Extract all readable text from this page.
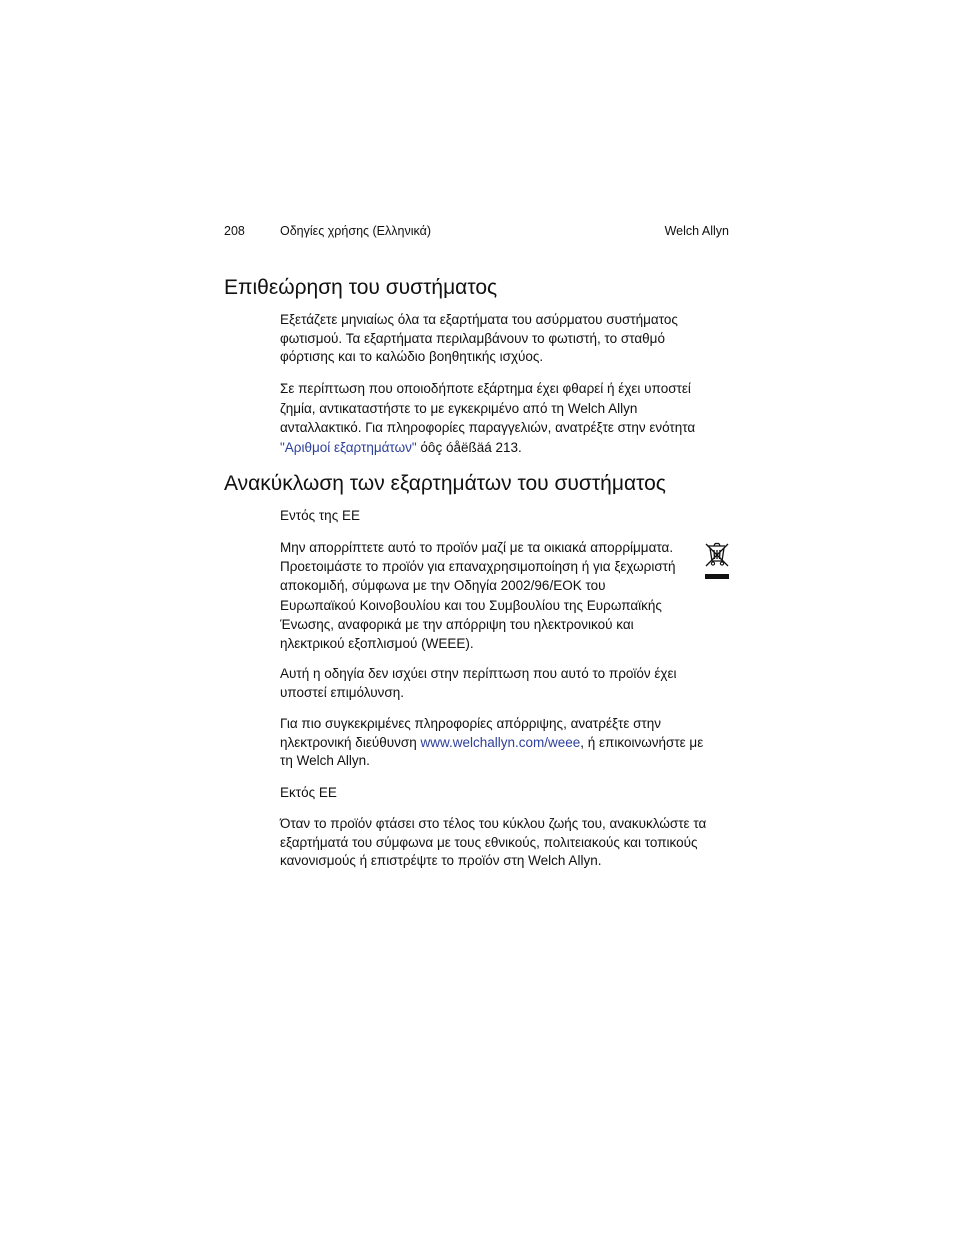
208	Οδηγίες χρήσης (Ελληνικά)	Welch Allyn
Επιθεώρηση του συστήματος

Εξετάζετε μηνιαίως όλα τα εξαρτήματα του ασύρματου συστήματος
φωτισμού. Τα εξαρτήματα περιλαμβάνουν το φωτιστή, το σταθμό
φόρτισης και το καλώδιο βοηθητικής ισχύος.

Σε περίπτωση που οποιοδήποτε εξάρτημα έχει φθαρεί ή έχει υποστεί
ζημία, αντικαταστήστε το με εγκεκριμένο από τη Welch Allyn
ανταλλακτικό. Για πληροφορίες παραγγελιών, ανατρέξτε στην ενότητα
"Αριθμοί εξαρτημάτων" όôç óåëßäá 213.

Ανακύκλωση των εξαρτημάτων του συστήματος

Εντός της ΕΕ

Μην απορρίπτετε αυτό το προϊόν μαζί με τα οικιακά απορρίμματα.
Προετοιμάστε το προϊόν για επαναχρησιμοποίηση ή για ξεχωριστή
αποκομιδή, σύμφωνα με την Οδηγία 2002/96/ΕΟΚ του
Ευρωπαϊκού Κοινοβουλίου και του Συμβουλίου της Ευρωπαϊκής
Ένωσης, αναφορικά με την απόρριψη του ηλεκτρονικού και
ηλεκτρικού εξοπλισμού (WEEE).

Αυτή η οδηγία δεν ισχύει στην περίπτωση που αυτό το προϊόν έχει
υποστεί επιμόλυνση.

Για πιο συγκεκριμένες πληροφορίες απόρριψης, ανατρέξτε στην
ηλεκτρονική διεύθυνση www.welchallyn.com/weee, ή επικοινωνήστε με
τη Welch Allyn.

Εκτός ΕΕ

Όταν το προϊόν φτάσει στο τέλος του κύκλου ζωής του, ανακυκλώστε τα
εξαρτήματά του σύμφωνα με τους εθνικούς, πολιτειακούς και τοπικούς
κανονισμούς ή επιστρέψτε το προϊόν στη Welch Allyn.
